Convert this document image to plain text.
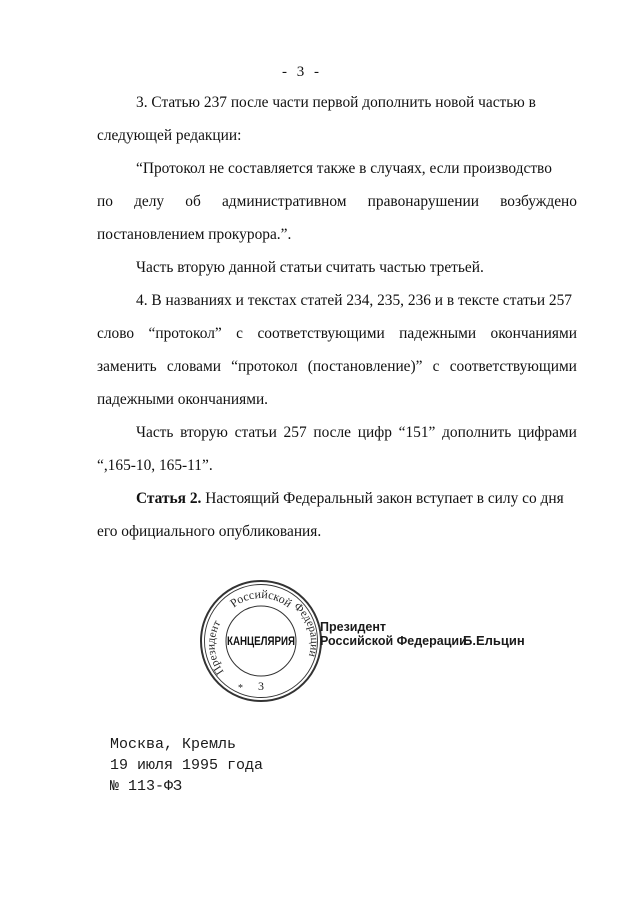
- 3 -
3. Статью 237 после части первой дополнить новой частью в
следующей редакции:
“Протокол не составляется также в случаях, если производство
по делу об административном правонарушении возбуждено
постановлением прокурора.”.
Часть вторую данной статьи считать частью третьей.
4. В названиях и текстах статей 234, 235, 236 и в тексте статьи 257
слово “протокол” с соответствующими падежными окончаниями
заменить словами “протокол (постановление)” с соответствующими
падежными окончаниями.
Часть вторую статьи 257 после цифр “151” дополнить цифрами
“,165-10, 165-11”.
Статья 2. Настоящий Федеральный закон вступает в силу со дня
его официального опубликования.
Российской
Федерации
Президент
КАНЦЕЛЯРИЯ
* 3
Президент
Российской Федерации
Б.Ельцин
Москва, Кремль
19 июля 1995 года
№ 113-ФЗ
